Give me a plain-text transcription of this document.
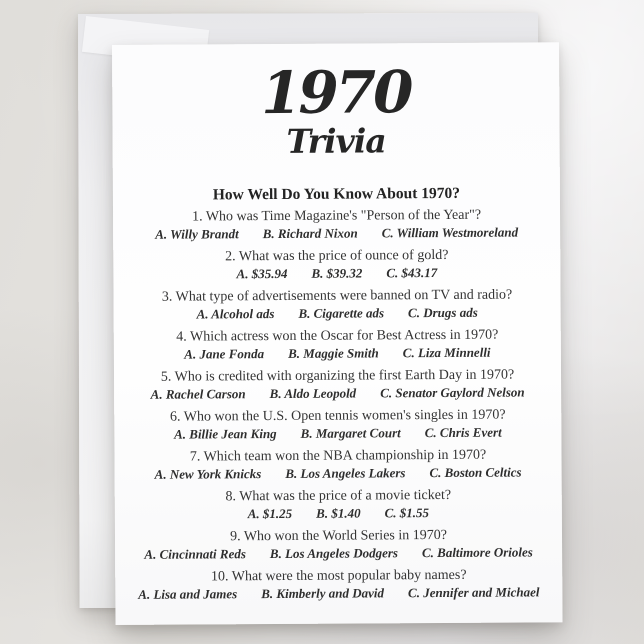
1970
Trivia
How Well Do You Know About 1970?
1. Who was Time Magazine's "Person of the Year"?
A. Willy Brandt B. Richard Nixon C. William Westmoreland
2. What was the price of ounce of gold?
A. $35.94 B. $39.32 C. $43.17
3. What type of advertisements were banned on TV and radio?
A. Alcohol ads B. Cigarette ads C. Drugs ads
4. Which actress won the Oscar for Best Actress in 1970?
A. Jane Fonda B. Maggie Smith C. Liza Minnelli
5. Who is credited with organizing the first Earth Day in 1970?
A. Rachel Carson B. Aldo Leopold C. Senator Gaylord Nelson
6. Who won the U.S. Open tennis women's singles in 1970?
A. Billie Jean King B. Margaret Court C. Chris Evert
7. Which team won the NBA championship in 1970?
A. New York Knicks B. Los Angeles Lakers C. Boston Celtics
8. What was the price of a movie ticket?
A. $1.25 B. $1.40 C. $1.55
9. Who won the World Series in 1970?
A. Cincinnati Reds B. Los Angeles Dodgers C. Baltimore Orioles
10. What were the most popular baby names?
A. Lisa and James B. Kimberly and David C. Jennifer and Michael
